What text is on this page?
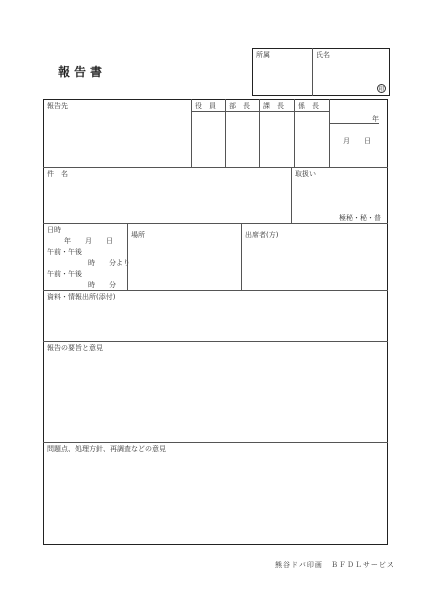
報告書
所属	氏名
印
報告先	役　員 部　長 課　長 係　長
年
月　　日
件　名	取扱い
極秘・秘・普
日時
年　　月　　日
午前・午後
時　　分より
午前・午後
時　　分
場所	出席者(方)
資料・情報出所(添付)
報告の要旨と意見
問題点、処理方針、再調査などの意見
熊谷ドバ印画　ＢＦＤＬサービス
